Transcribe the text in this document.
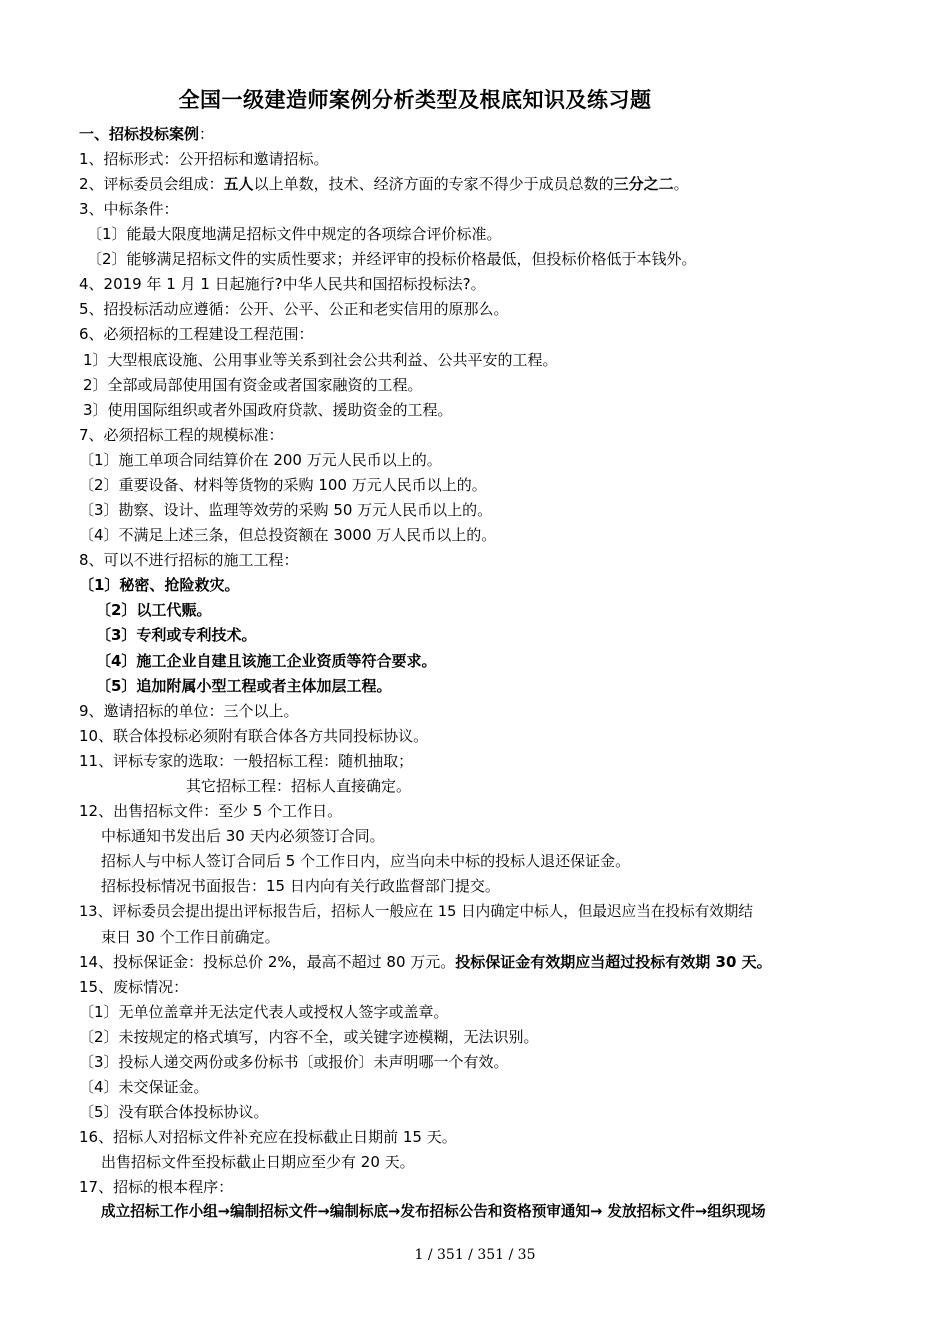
全国一级建造师案例分析类型及根底知识及练习题
一、招标投标案例：
1、招标形式：公开招标和邀请招标。
2、评标委员会组成：五人以上单数，技术、经济方面的专家不得少于成员总数的三分之二。
3、中标条件：
〔1〕能最大限度地满足招标文件中规定的各项综合评价标准。
〔2〕能够满足招标文件的实质性要求；并经评审的投标价格最低，但投标价格低于本钱外。
4、2019 年 1 月 1 日起施行?中华人民共和国招标投标法?。
5、招投标活动应遵循：公开、公平、公正和老实信用的原那么。
6、必须招标的工程建设工程范围：
1〕大型根底设施、公用事业等关系到社会公共利益、公共平安的工程。
2〕全部或局部使用国有资金或者国家融资的工程。
3〕使用国际组织或者外国政府贷款、援助资金的工程。
7、必须招标工程的规模标准：
〔1〕施工单项合同结算价在 200 万元人民币以上的。
〔2〕重要设备、材料等货物的采购 100 万元人民币以上的。
〔3〕勘察、设计、监理等效劳的采购 50 万元人民币以上的。
〔4〕不满足上述三条，但总投资额在 3000 万人民币以上的。
8、可以不进行招标的施工工程：
〔1〕秘密、抢险救灾。
〔2〕以工代赈。
〔3〕专利或专利技术。
〔4〕施工企业自建且该施工企业资质等符合要求。
〔5〕追加附属小型工程或者主体加层工程。
9、邀请招标的单位：三个以上。
10、联合体投标必须附有联合体各方共同投标协议。
11、评标专家的选取：一般招标工程：随机抽取；
其它招标工程：招标人直接确定。
12、出售招标文件：至少 5 个工作日。
中标通知书发出后 30 天内必须签订合同。
招标人与中标人签订合同后 5 个工作日内，应当向未中标的投标人退还保证金。
招标投标情况书面报告：15 日内向有关行政监督部门提交。
13、评标委员会提出提出评标报告后，招标人一般应在 15 日内确定中标人，但最迟应当在投标有效期结
束日 30 个工作日前确定。
14、投标保证金：投标总价 2%，最高不超过 80 万元。投标保证金有效期应当超过投标有效期 30 天。
15、废标情况：
〔1〕无单位盖章并无法定代表人或授权人签字或盖章。
〔2〕未按规定的格式填写，内容不全，或关键字迹模糊，无法识别。
〔3〕投标人递交两份或多份标书〔或报价〕未声明哪一个有效。
〔4〕未交保证金。
〔5〕没有联合体投标协议。
16、招标人对招标文件补充应在投标截止日期前 15 天。
出售招标文件至投标截止日期应至少有 20 天。
17、招标的根本程序：
成立招标工作小组→编制招标文件→编制标底→发布招标公告和资格预审通知→ 发放招标文件→组织现场
1 / 351 / 351 / 35
